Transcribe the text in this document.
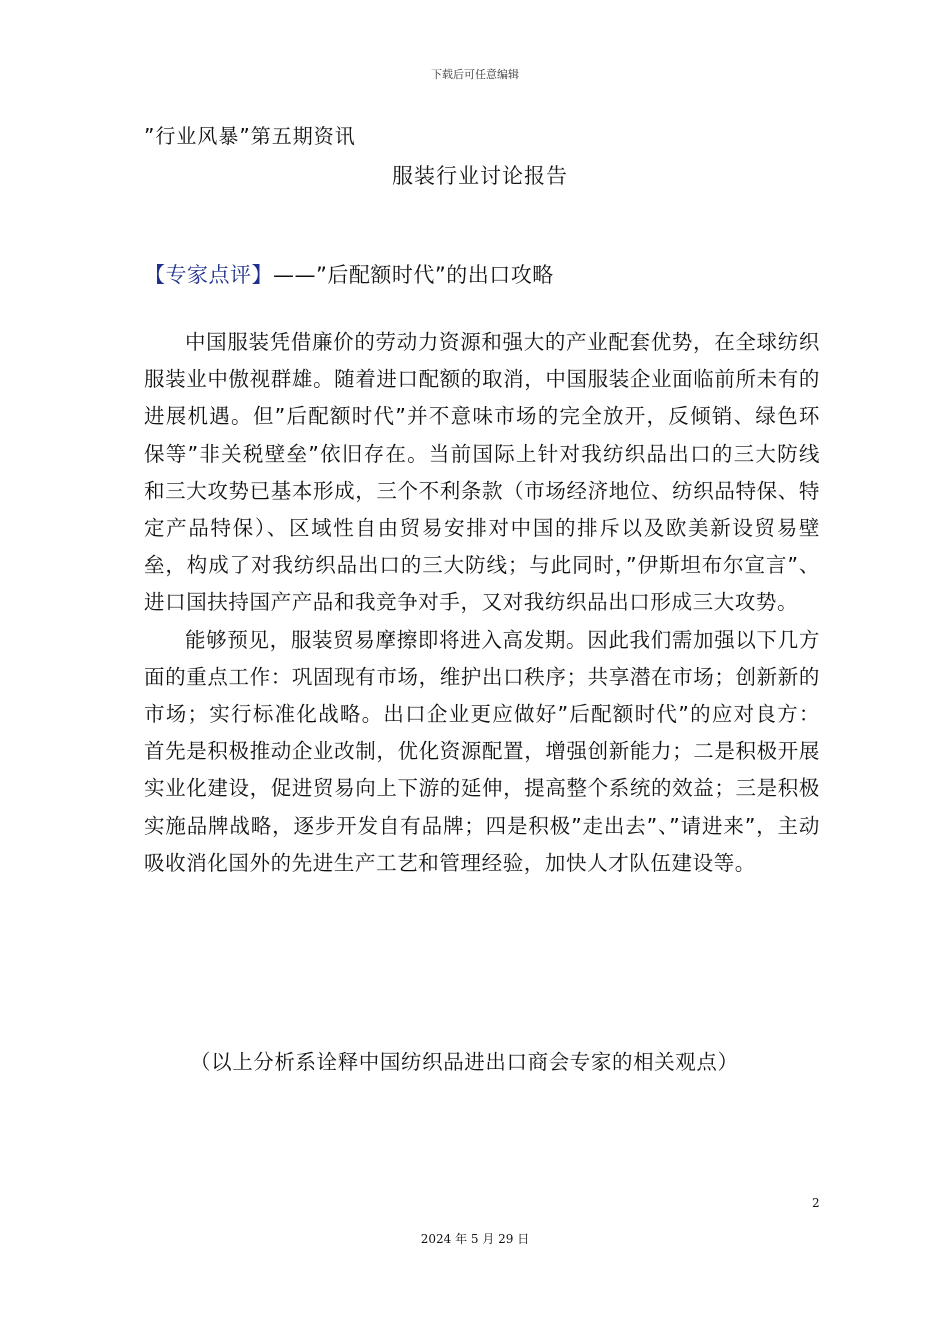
下载后可任意编辑
”行业风暴”第五期资讯
服装行业讨论报告
【专家点评】——”后配额时代”的出口攻略

中国服装凭借廉价的劳动力资源和强大的产业配套优势，在全球纺织服装业中傲视群雄。随着进口配额的取消，中国服装企业面临前所未有的进展机遇。但”后配额时代”并不意味市场的完全放开，反倾销、绿色环保等”非关税壁垒”依旧存在。当前国际上针对我纺织品出口的三大防线和三大攻势已基本形成，三个不利条款（市场经济地位、纺织品特保、特定产品特保）、区域性自由贸易安排对中国的排斥以及欧美新设贸易壁垒，构成了对我纺织品出口的三大防线；与此同时，”伊斯坦布尔宣言”、进口国扶持国产产品和我竞争对手，又对我纺织品出口形成三大攻势。

能够预见，服装贸易摩擦即将进入高发期。因此我们需加强以下几方面的重点工作：巩固现有市场，维护出口秩序；共享潜在市场；创新新的市场；实行标准化战略。出口企业更应做好”后配额时代”的应对良方：首先是积极推动企业改制，优化资源配置，增强创新能力；二是积极开展实业化建设，促进贸易向上下游的延伸，提高整个系统的效益；三是积极实施品牌战略，逐步开发自有品牌；四是积极”走出去”、”请进来”，主动吸收消化国外的先进生产工艺和管理经验，加快人才队伍建设等。

（以上分析系诠释中国纺织品进出口商会专家的相关观点）
2
2024 年 5 月 29 日
